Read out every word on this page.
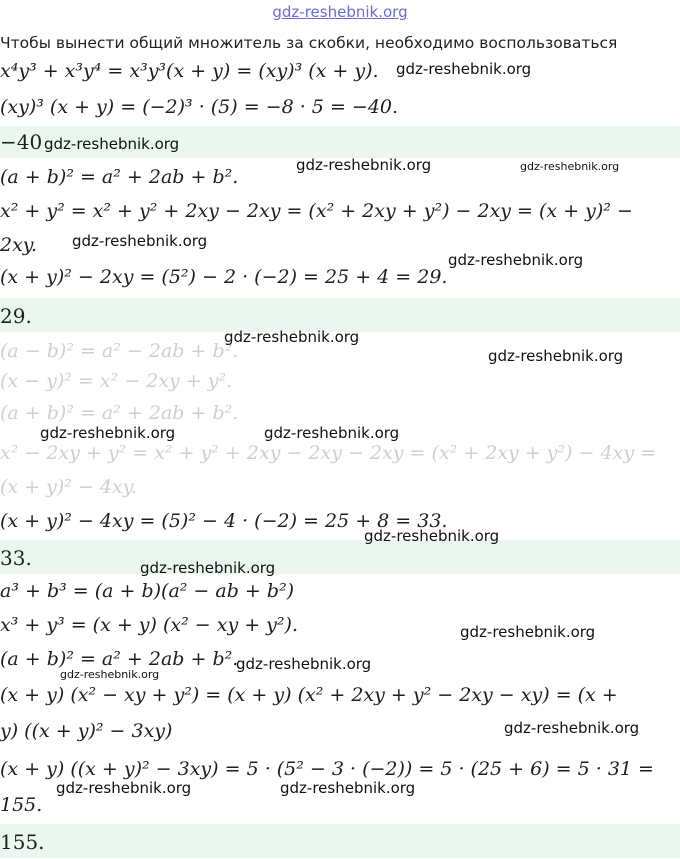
gdz-reshebnik.org
Чтобы вынести общий множитель за скобки, необходимо воспользоваться
x⁴y³ + x³y⁴ = x³y³(x + y) = (xy)³ (x + y).
(xy)³ (x + y) = (−2)³ · (5) = −8 · 5 = −40.
−40
(a + b)² = a² + 2ab + b².
x² + y² = x² + y² + 2xy − 2xy = (x² + 2xy + y²) − 2xy = (x + y)² −
2xy.
(x + y)² − 2xy = (5²) − 2 · (−2) = 25 + 4 = 29.
29.
(a − b)² = a² − 2ab + b².
(x − y)² = x² − 2xy + y².
(a + b)² = a² + 2ab + b².
x² − 2xy + y² = x² + y² + 2xy − 2xy − 2xy = (x² + 2xy + y²) − 4xy =
(x + y)² − 4xy.
(x + y)² − 4xy = (5)² − 4 · (−2) = 25 + 8 = 33.
33.
a³ + b³ = (a + b)(a² − ab + b²)
x³ + y³ = (x + y) (x² − xy + y²).
(a + b)² = a² + 2ab + b².
(x + y) (x² − xy + y²) = (x + y) (x² + 2xy + y² − 2xy − xy) = (x +
y) ((x + y)² − 3xy)
(x + y) ((x + y)² − 3xy) = 5 · (5² − 3 · (−2)) = 5 · (25 + 6) = 5 · 31 =
155.
155.
gdz-reshebnik.org
gdz-reshebnik.org
gdz-reshebnik.org	gdz-reshebnik.org
gdz-reshebnik.org
gdz-reshebnik.org
gdz-reshebnik.org
gdz-reshebnik.org
gdz-reshebnik.org	gdz-reshebnik.org
gdz-reshebnik.org
gdz-reshebnik.org
gdz-reshebnik.org
gdz-reshebnik.org
gdz-reshebnik.org
gdz-reshebnik.org
gdz-reshebnik.org	gdz-reshebnik.org
